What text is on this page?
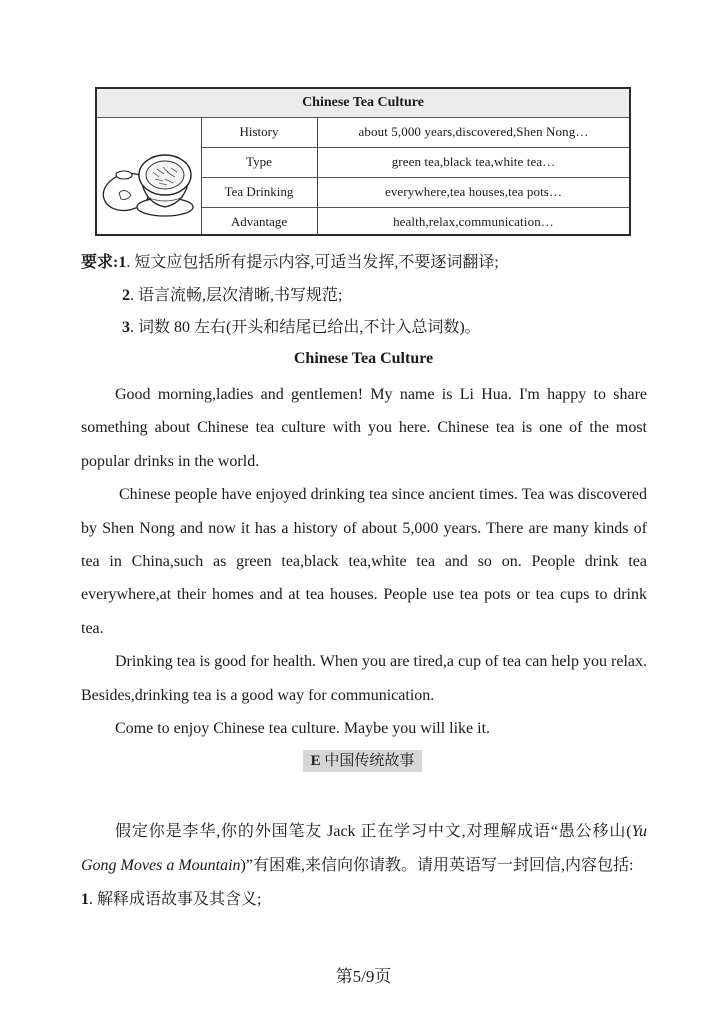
Chinese Tea Culture
History	about 5,000 years,discovered,Shen Nong…
Type	green tea,black tea,white tea…
Tea Drinking	everywhere,tea houses,tea pots…
Advantage	health,relax,communication…
要求:1. 短文应包括所有提示内容,可适当发挥,不要逐词翻译;
2. 语言流畅,层次清晰,书写规范;
3. 词数 80 左右(开头和结尾已给出,不计入总词数)。
Chinese Tea Culture

Good morning,ladies and gentlemen! My name is Li Hua. I'm happy to share something about Chinese tea culture with you here. Chinese tea is one of the most popular drinks in the world.

Chinese people have enjoyed drinking tea since ancient times. Tea was discovered by Shen Nong and now it has a history of about 5,000 years. There are many kinds of tea in China,such as green tea,black tea,white tea and so on. People drink tea everywhere,at their homes and at tea houses. People use tea pots or tea cups to drink tea.

Drinking tea is good for health. When you are tired,a cup of tea can help you relax. Besides,drinking tea is a good way for communication.

Come to enjoy Chinese tea culture. Maybe you will like it.

E 中国传统故事

假定你是李华,你的外国笔友 Jack 正在学习中文,对理解成语“愚公移山(Yu Gong Moves a Mountain)”有困难,来信向你请教。请用英语写一封回信,内容包括:

1. 解释成语故事及其含义;

第5/9页
